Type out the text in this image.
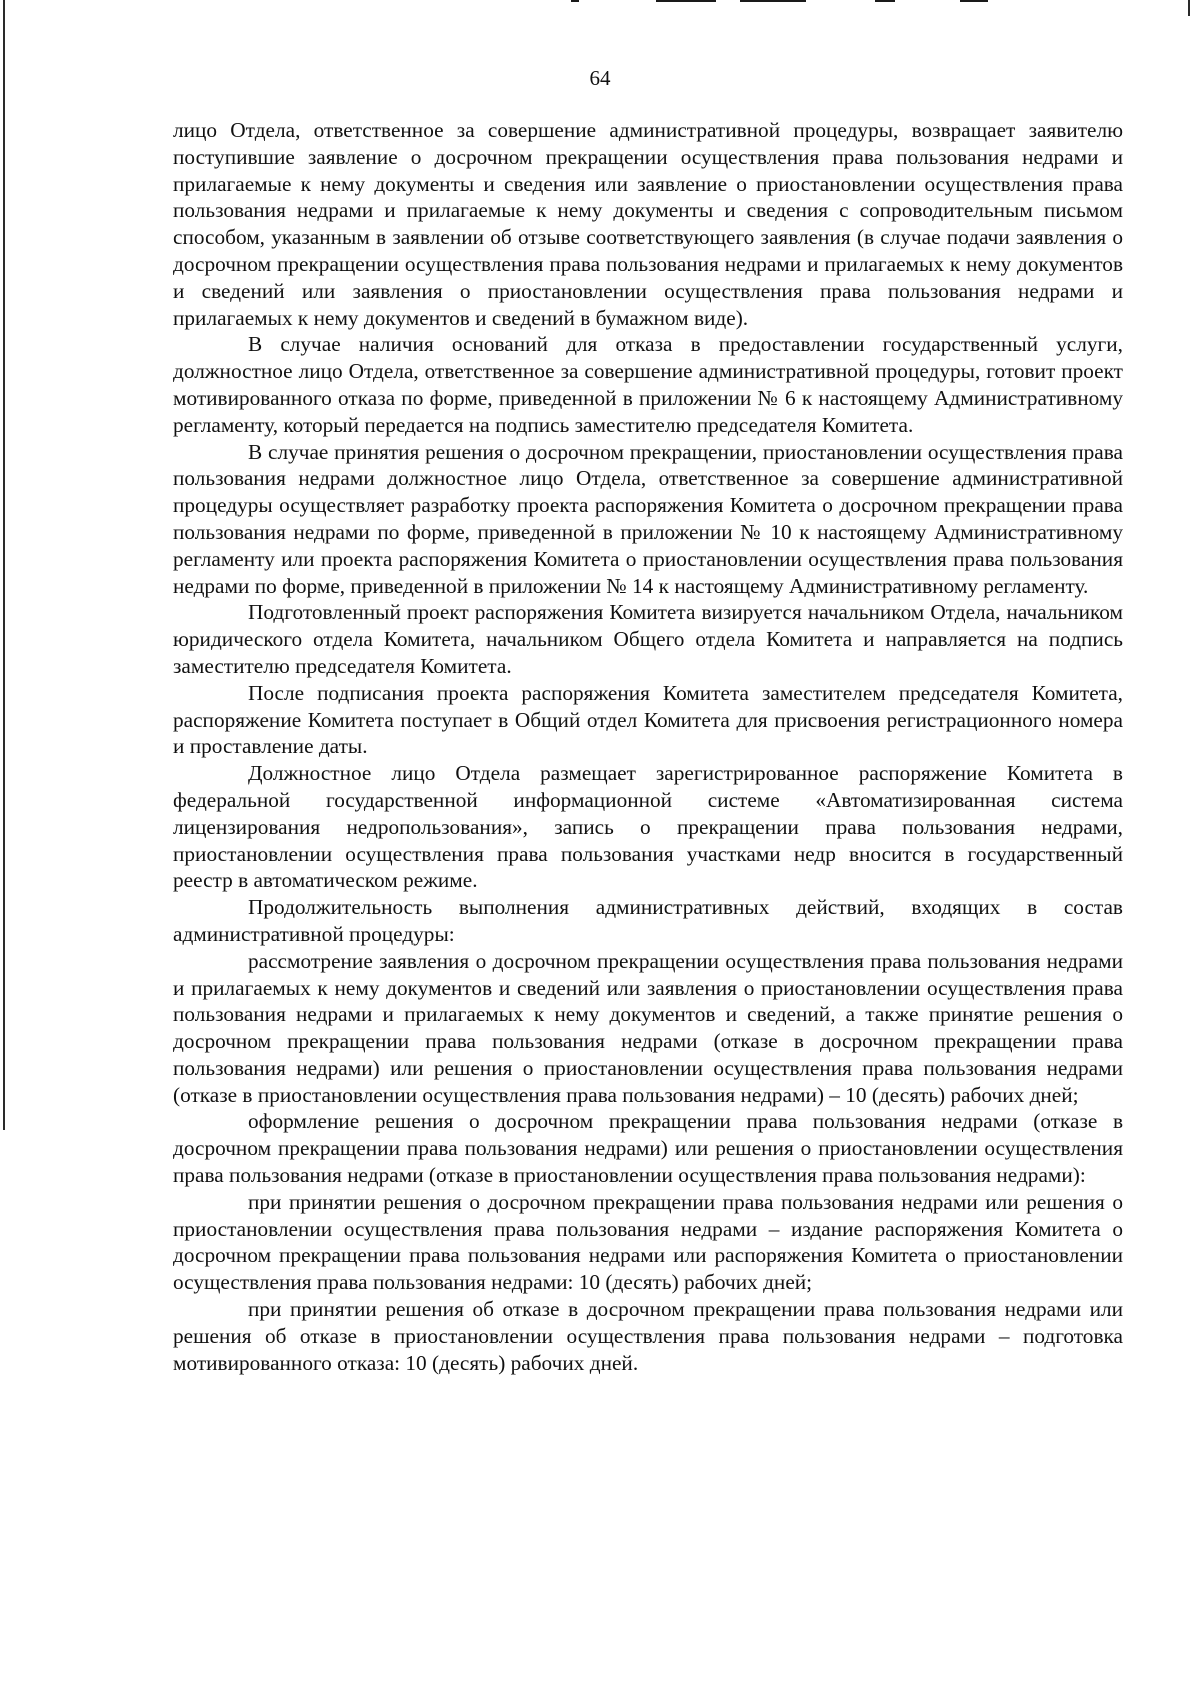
64

лицо Отдела, ответственное за совершение административной процедуры, возвращает заявителю поступившие заявление о досрочном прекращении осуществления права пользования недрами и прилагаемые к нему документы и сведения или заявление о приостановлении осуществления права пользования недрами и прилагаемые к нему документы и сведения с сопроводительным письмом способом, указанным в заявлении об отзыве соответствующего заявления (в случае подачи заявления о досрочном прекращении осуществления права пользования недрами и прилагаемых к нему документов и сведений или заявления о приостановлении осуществления права пользования недрами и прилагаемых к нему документов и сведений в бумажном виде).

В случае наличия оснований для отказа в предоставлении государственный услуги, должностное лицо Отдела, ответственное за совершение административной процедуры, готовит проект мотивированного отказа по форме, приведенной в приложении № 6 к настоящему Административному регламенту, который передается на подпись заместителю председателя Комитета.

В случае принятия решения о досрочном прекращении, приостановлении осуществления права пользования недрами должностное лицо Отдела, ответственное за совершение административной процедуры осуществляет разработку проекта распоряжения Комитета о досрочном прекращении права пользования недрами по форме, приведенной в приложении № 10 к настоящему Административному регламенту или проекта распоряжения Комитета о приостановлении осуществления права пользования недрами по форме, приведенной в приложении № 14 к настоящему Административному регламенту.

Подготовленный проект распоряжения Комитета визируется начальником Отдела, начальником юридического отдела Комитета, начальником Общего отдела Комитета и направляется на подпись заместителю председателя Комитета.

После подписания проекта распоряжения Комитета заместителем председателя Комитета, распоряжение Комитета поступает в Общий отдел Комитета для присвоения регистрационного номера и проставление даты.

Должностное лицо Отдела размещает зарегистрированное распоряжение Комитета в федеральной государственной информационной системе «Автоматизированная система лицензирования недропользования», запись о прекращении права пользования недрами, приостановлении осуществления права пользования участками недр вносится в государственный реестр в автоматическом режиме.

Продолжительность выполнения административных действий, входящих в состав административной процедуры:

рассмотрение заявления о досрочном прекращении осуществления права пользования недрами и прилагаемых к нему документов и сведений или заявления о приостановлении осуществления права пользования недрами и прилагаемых к нему документов и сведений, а также принятие решения о досрочном прекращении права пользования недрами (отказе в досрочном прекращении права пользования недрами) или решения о приостановлении осуществления права пользования недрами (отказе в приостановлении осуществления права пользования недрами) – 10 (десять) рабочих дней;

оформление решения о досрочном прекращении права пользования недрами (отказе в досрочном прекращении права пользования недрами) или решения о приостановлении осуществления права пользования недрами (отказе в приостановлении осуществления права пользования недрами):

при принятии решения о досрочном прекращении права пользования недрами или решения о приостановлении осуществления права пользования недрами – издание распоряжения Комитета о досрочном прекращении права пользования недрами или распоряжения Комитета о приостановлении осуществления права пользования недрами: 10 (десять) рабочих дней;

при принятии решения об отказе в досрочном прекращении права пользования недрами или решения об отказе в приостановлении осуществления права пользования недрами – подготовка мотивированного отказа: 10 (десять) рабочих дней.
